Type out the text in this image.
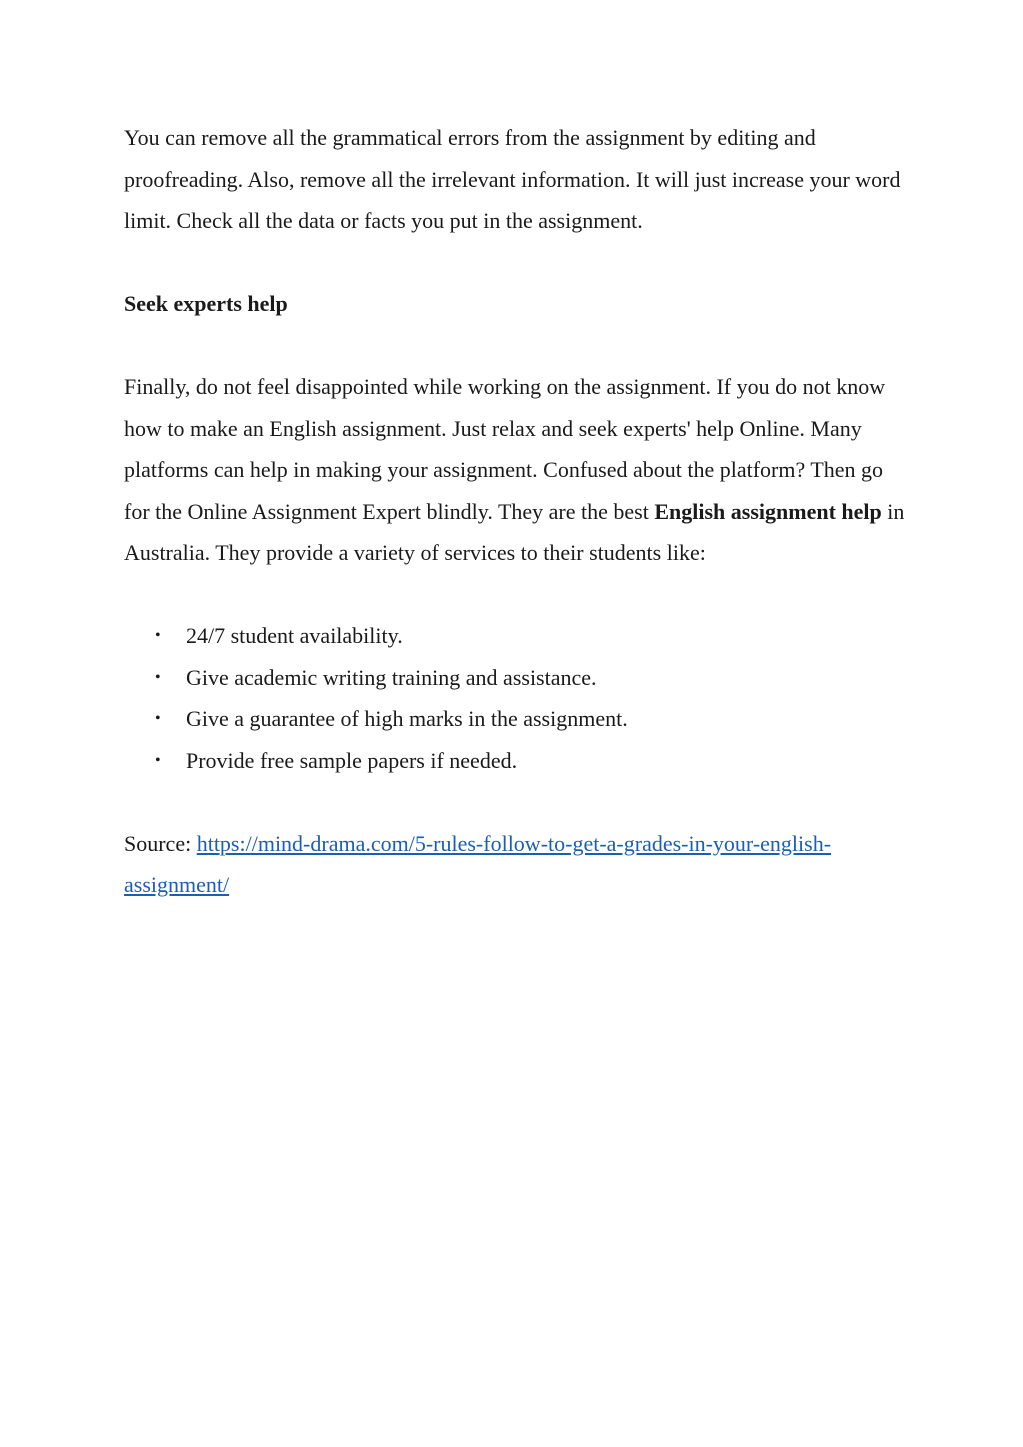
You can remove all the grammatical errors from the assignment by editing and proofreading. Also, remove all the irrelevant information. It will just increase your word limit. Check all the data or facts you put in the assignment.

Seek experts help

Finally, do not feel disappointed while working on the assignment. If you do not know how to make an English assignment. Just relax and seek experts' help Online. Many platforms can help in making your assignment. Confused about the platform? Then go for the Online Assignment Expert blindly. They are the best English assignment help in Australia. They provide a variety of services to their students like:

• 24/7 student availability.
• Give academic writing training and assistance.
• Give a guarantee of high marks in the assignment.
• Provide free sample papers if needed.

Source: https://mind-drama.com/5-rules-follow-to-get-a-grades-in-your-english-assignment/
